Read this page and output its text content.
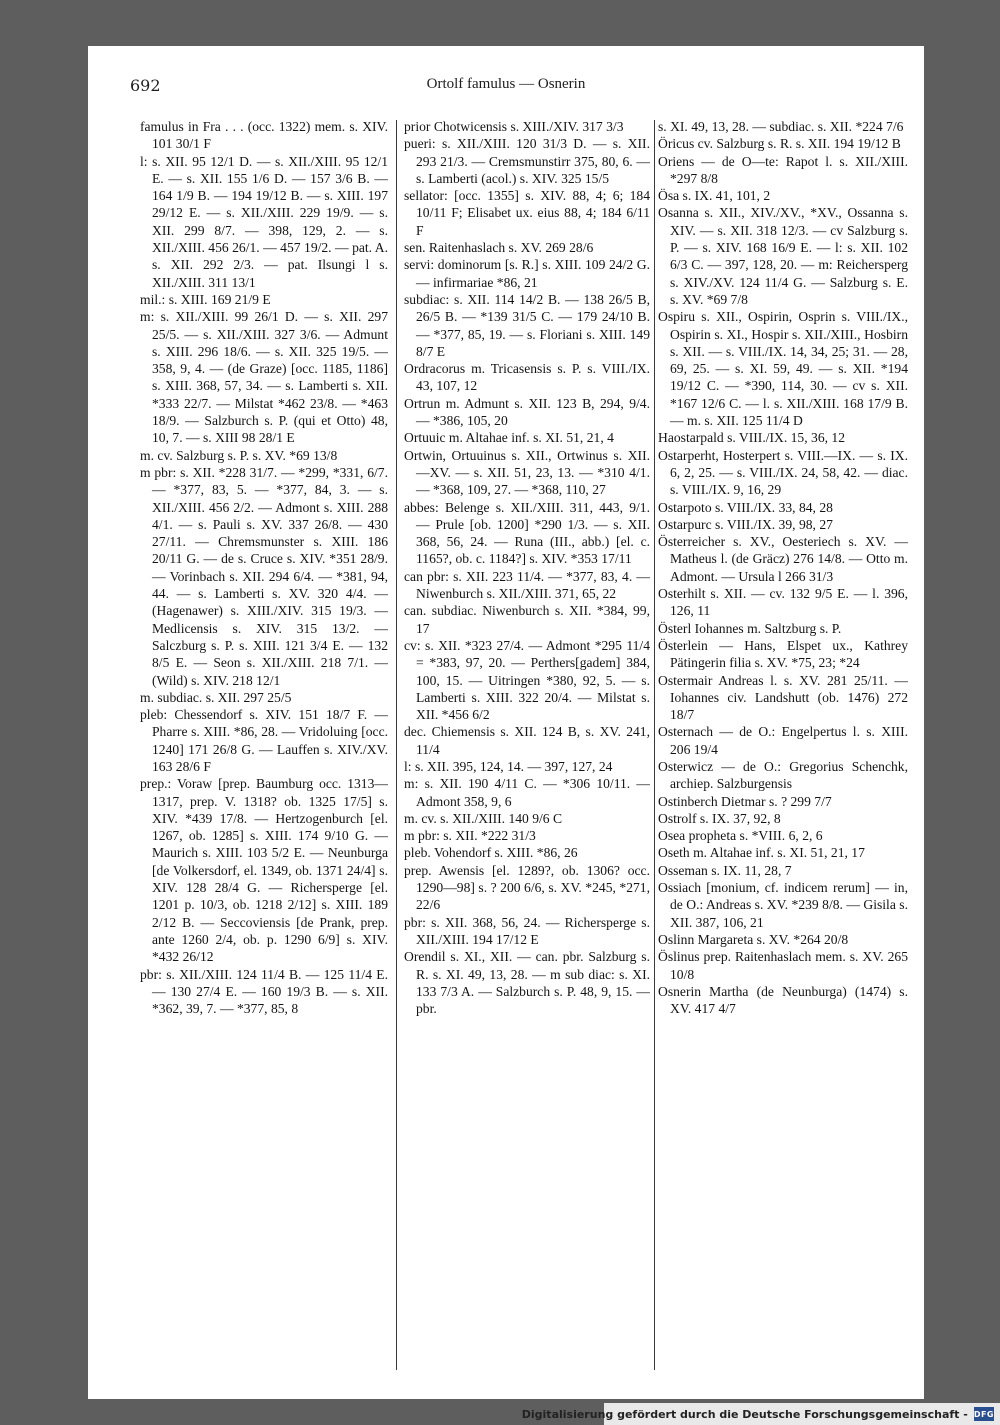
692	Ortolf famulus — Osnerin

famulus in Fra . . . (occ. 1322) mem. s. XIV. 101 30/1 F

l: s. XII. 95 12/1 D. — s. XII./XIII. 95 12/1 E. — s. XII. 155 1/6 D. — 157 3/6 B. — 164 1/9 B. — 194 19/12 B. — s. XIII. 197 29/12 E. — s. XII./XIII. 229 19/9. — s. XII. 299 8/7. — 398, 129, 2. — s. XII./XIII. 456 26/1. — 457 19/2. — pat. A. s. XII. 292 2/3. — pat. Ilsungi l s. XII./XIII. 311 13/1

mil.: s. XIII. 169 21/9 E

m: s. XII./XIII. 99 26/1 D. — s. XII. 297 25/5. — s. XII./XIII. 327 3/6. — Admunt s. XIII. 296 18/6. — s. XII. 325 19/5. — 358, 9, 4. — (de Graze) [occ. 1185, 1186] s. XIII. 368, 57, 34. — s. Lamberti s. XII. *333 22/7. — Milstat *462 23/8. — *463 18/9. — Salzburch s. P. (qui et Otto) 48, 10, 7. — s. XIII 98 28/1 E

m. cv. Salzburg s. P. s. XV. *69 13/8

m pbr: s. XII. *228 31/7. — *299, *331, 6/7. — *377, 83, 5. — *377, 84, 3. — s. XII./XIII. 456 2/2. — Admont s. XIII. 288 4/1. — s. Pauli s. XV. 337 26/8. — 430 27/11. — Chremsmunster s. XIII. 186 20/11 G. — de s. Cruce s. XIV. *351 28/9. — Vorinbach s. XII. 294 6/4. — *381, 94, 44. — s. Lamberti s. XV. 320 4/4. — (Hagenawer) s. XIII./XIV. 315 19/3. — Medlicensis s. XIV. 315 13/2. — Salczburg s. P. s. XIII. 121 3/4 E. — 132 8/5 E. — Seon s. XII./XIII. 218 7/1. — (Wild) s. XIV. 218 12/1

m. subdiac. s. XII. 297 25/5

pleb: Chessendorf s. XIV. 151 18/7 F. — Pharre s. XIII. *86, 28. — Vridoluing [occ. 1240] 171 26/8 G. — Lauffen s. XIV./XV. 163 28/6 F

prep.: Voraw [prep. Baumburg occ. 1313—1317, prep. V. 1318? ob. 1325 17/5] s. XIV. *439 17/8. — Hertzogenburch [el. 1267, ob. 1285] s. XIII. 174 9/10 G. — Maurich s. XIII. 103 5/2 E. — Neunburga [de Volkersdorf, el. 1349, ob. 1371 24/4] s. XIV. 128 28/4 G. — Richersperge [el. 1201 p. 10/3, ob. 1218 2/12] s. XIII. 189 2/12 B. — Seccoviensis [de Prank, prep. ante 1260 2/4, ob. p. 1290 6/9] s. XIV. *432 26/12

pbr: s. XII./XIII. 124 11/4 B. — 125 11/4 E. — 130 27/4 E. — 160 19/3 B. — s. XII. *362, 39, 7. — *377, 85, 8

prior Chotwicensis s. XIII./XIV. 317 3/3

pueri: s. XII./XIII. 120 31/3 D. — s. XII. 293 21/3. — Cremsmunstirr 375, 80, 6. — s. Lamberti (acol.) s. XIV. 325 15/5

sellator: [occ. 1355] s. XIV. 88, 4; 6; 184 10/11 F; Elisabet ux. eius 88, 4; 184 6/11 F

sen. Raitenhaslach s. XV. 269 28/6

servi: dominorum [s. R.] s. XIII. 109 24/2 G. — infirmariae *86, 21

subdiac: s. XII. 114 14/2 B. — 138 26/5 B, 26/5 B. — *139 31/5 C. — 179 24/10 B. — *377, 85, 19. — s. Floriani s. XIII. 149 8/7 E

Ordracorus m. Tricasensis s. P. s. VIII./IX. 43, 107, 12

Ortrun m. Admunt s. XII. 123 B, 294, 9/4. — *386, 105, 20

Ortuuic m. Altahae inf. s. XI. 51, 21, 4

Ortwin, Ortuuinus s. XII., Ortwinus s. XII.—XV. — s. XII. 51, 23, 13. — *310 4/1. — *368, 109, 27. — *368, 110, 27

abbes: Belenge s. XII./XIII. 311, 443, 9/1. — Prule [ob. 1200] *290 1/3. — s. XII. 368, 56, 24. — Runa (III., abb.) [el. c. 1165?, ob. c. 1184?] s. XIV. *353 17/11

can pbr: s. XII. 223 11/4. — *377, 83, 4. — Niwenburch s. XII./XIII. 371, 65, 22

can. subdiac. Niwenburch s. XII. *384, 99, 17

cv: s. XII. *323 27/4. — Admont *295 11/4 = *383, 97, 20. — Perthers[gadem] 384, 100, 15. — Uitringen *380, 92, 5. — s. Lamberti s. XIII. 322 20/4. — Milstat s. XII. *456 6/2

dec. Chiemensis s. XII. 124 B, s. XV. 241, 11/4

l: s. XII. 395, 124, 14. — 397, 127, 24

m: s. XII. 190 4/11 C. — *306 10/11. — Admont 358, 9, 6

m. cv. s. XII./XIII. 140 9/6 C

m pbr: s. XII. *222 31/3

pleb. Vohendorf s. XIII. *86, 26

prep. Awensis [el. 1289?, ob. 1306? occ. 1290—98] s. ? 200 6/6, s. XV. *245, *271, 22/6

pbr: s. XII. 368, 56, 24. — Richersperge s. XII./XIII. 194 17/12 E

Orendil s. XI., XII. — can. pbr. Salzburg s. R. s. XI. 49, 13, 28. — m sub diac: s. XI. 133 7/3 A. — Salzburch s. P. 48, 9, 15. — pbr.

s. XI. 49, 13, 28. — subdiac. s. XII. *224 7/6

Öricus cv. Salzburg s. R. s. XII. 194 19/12 B

Oriens — de O—te: Rapot l. s. XII./XIII. *297 8/8

Ösa s. IX. 41, 101, 2

Osanna s. XII., XIV./XV., *XV., Ossanna s. XIV. — s. XII. 318 12/3. — cv Salzburg s. P. — s. XIV. 168 16/9 E. — l: s. XII. 102 6/3 C. — 397, 128, 20. — m: Reichersperg s. XIV./XV. 124 11/4 G. — Salzburg s. E. s. XV. *69 7/8

Ospiru s. XII., Ospirin, Osprin s. VIII./IX., Ospirin s. XI., Hospir s. XII./XIII., Hosbirn s. XII. — s. VIII./IX. 14, 34, 25; 31. — 28, 69, 25. — s. XI. 59, 49. — s. XII. *194 19/12 C. — *390, 114, 30. — cv s. XII. *167 12/6 C. — l. s. XII./XIII. 168 17/9 B. — m. s. XII. 125 11/4 D

Haostarpald s. VIII./IX. 15, 36, 12

Ostarperht, Hosterpert s. VIII.—IX. — s. IX. 6, 2, 25. — s. VIII./IX. 24, 58, 42. — diac. s. VIII./IX. 9, 16, 29

Ostarpoto s. VIII./IX. 33, 84, 28

Ostarpurc s. VIII./IX. 39, 98, 27

Österreicher s. XV., Oesteriech s. XV. — Matheus l. (de Gräcz) 276 14/8. — Otto m. Admont. — Ursula l 266 31/3

Osterhilt s. XII. — cv. 132 9/5 E. — l. 396, 126, 11

Österl Iohannes m. Saltzburg s. P.

Österlein — Hans, Elspet ux., Kathrey Pätingerin filia s. XV. *75, 23; *24

Ostermair Andreas l. s. XV. 281 25/11. — Iohannes civ. Landshutt (ob. 1476) 272 18/7

Osternach — de O.: Engelpertus l. s. XIII. 206 19/4

Osterwicz — de O.: Gregorius Schenchk, archiep. Salzburgensis

Ostinberch Dietmar s. ? 299 7/7

Ostrolf s. IX. 37, 92, 8

Osea propheta s. *VIII. 6, 2, 6

Oseth m. Altahae inf. s. XI. 51, 21, 17

Osseman s. IX. 11, 28, 7

Ossiach [monium, cf. indicem rerum] — in, de O.: Andreas s. XV. *239 8/8. — Gisila s. XII. 387, 106, 21

Oslinn Margareta s. XV. *264 20/8

Öslinus prep. Raitenhaslach mem. s. XV. 265 10/8

Osnerin Martha (de Neunburga) (1474) s. XV. 417 4/7

Digitalisierung gefördert durch die Deutsche Forschungsgemeinschaft - DFG
